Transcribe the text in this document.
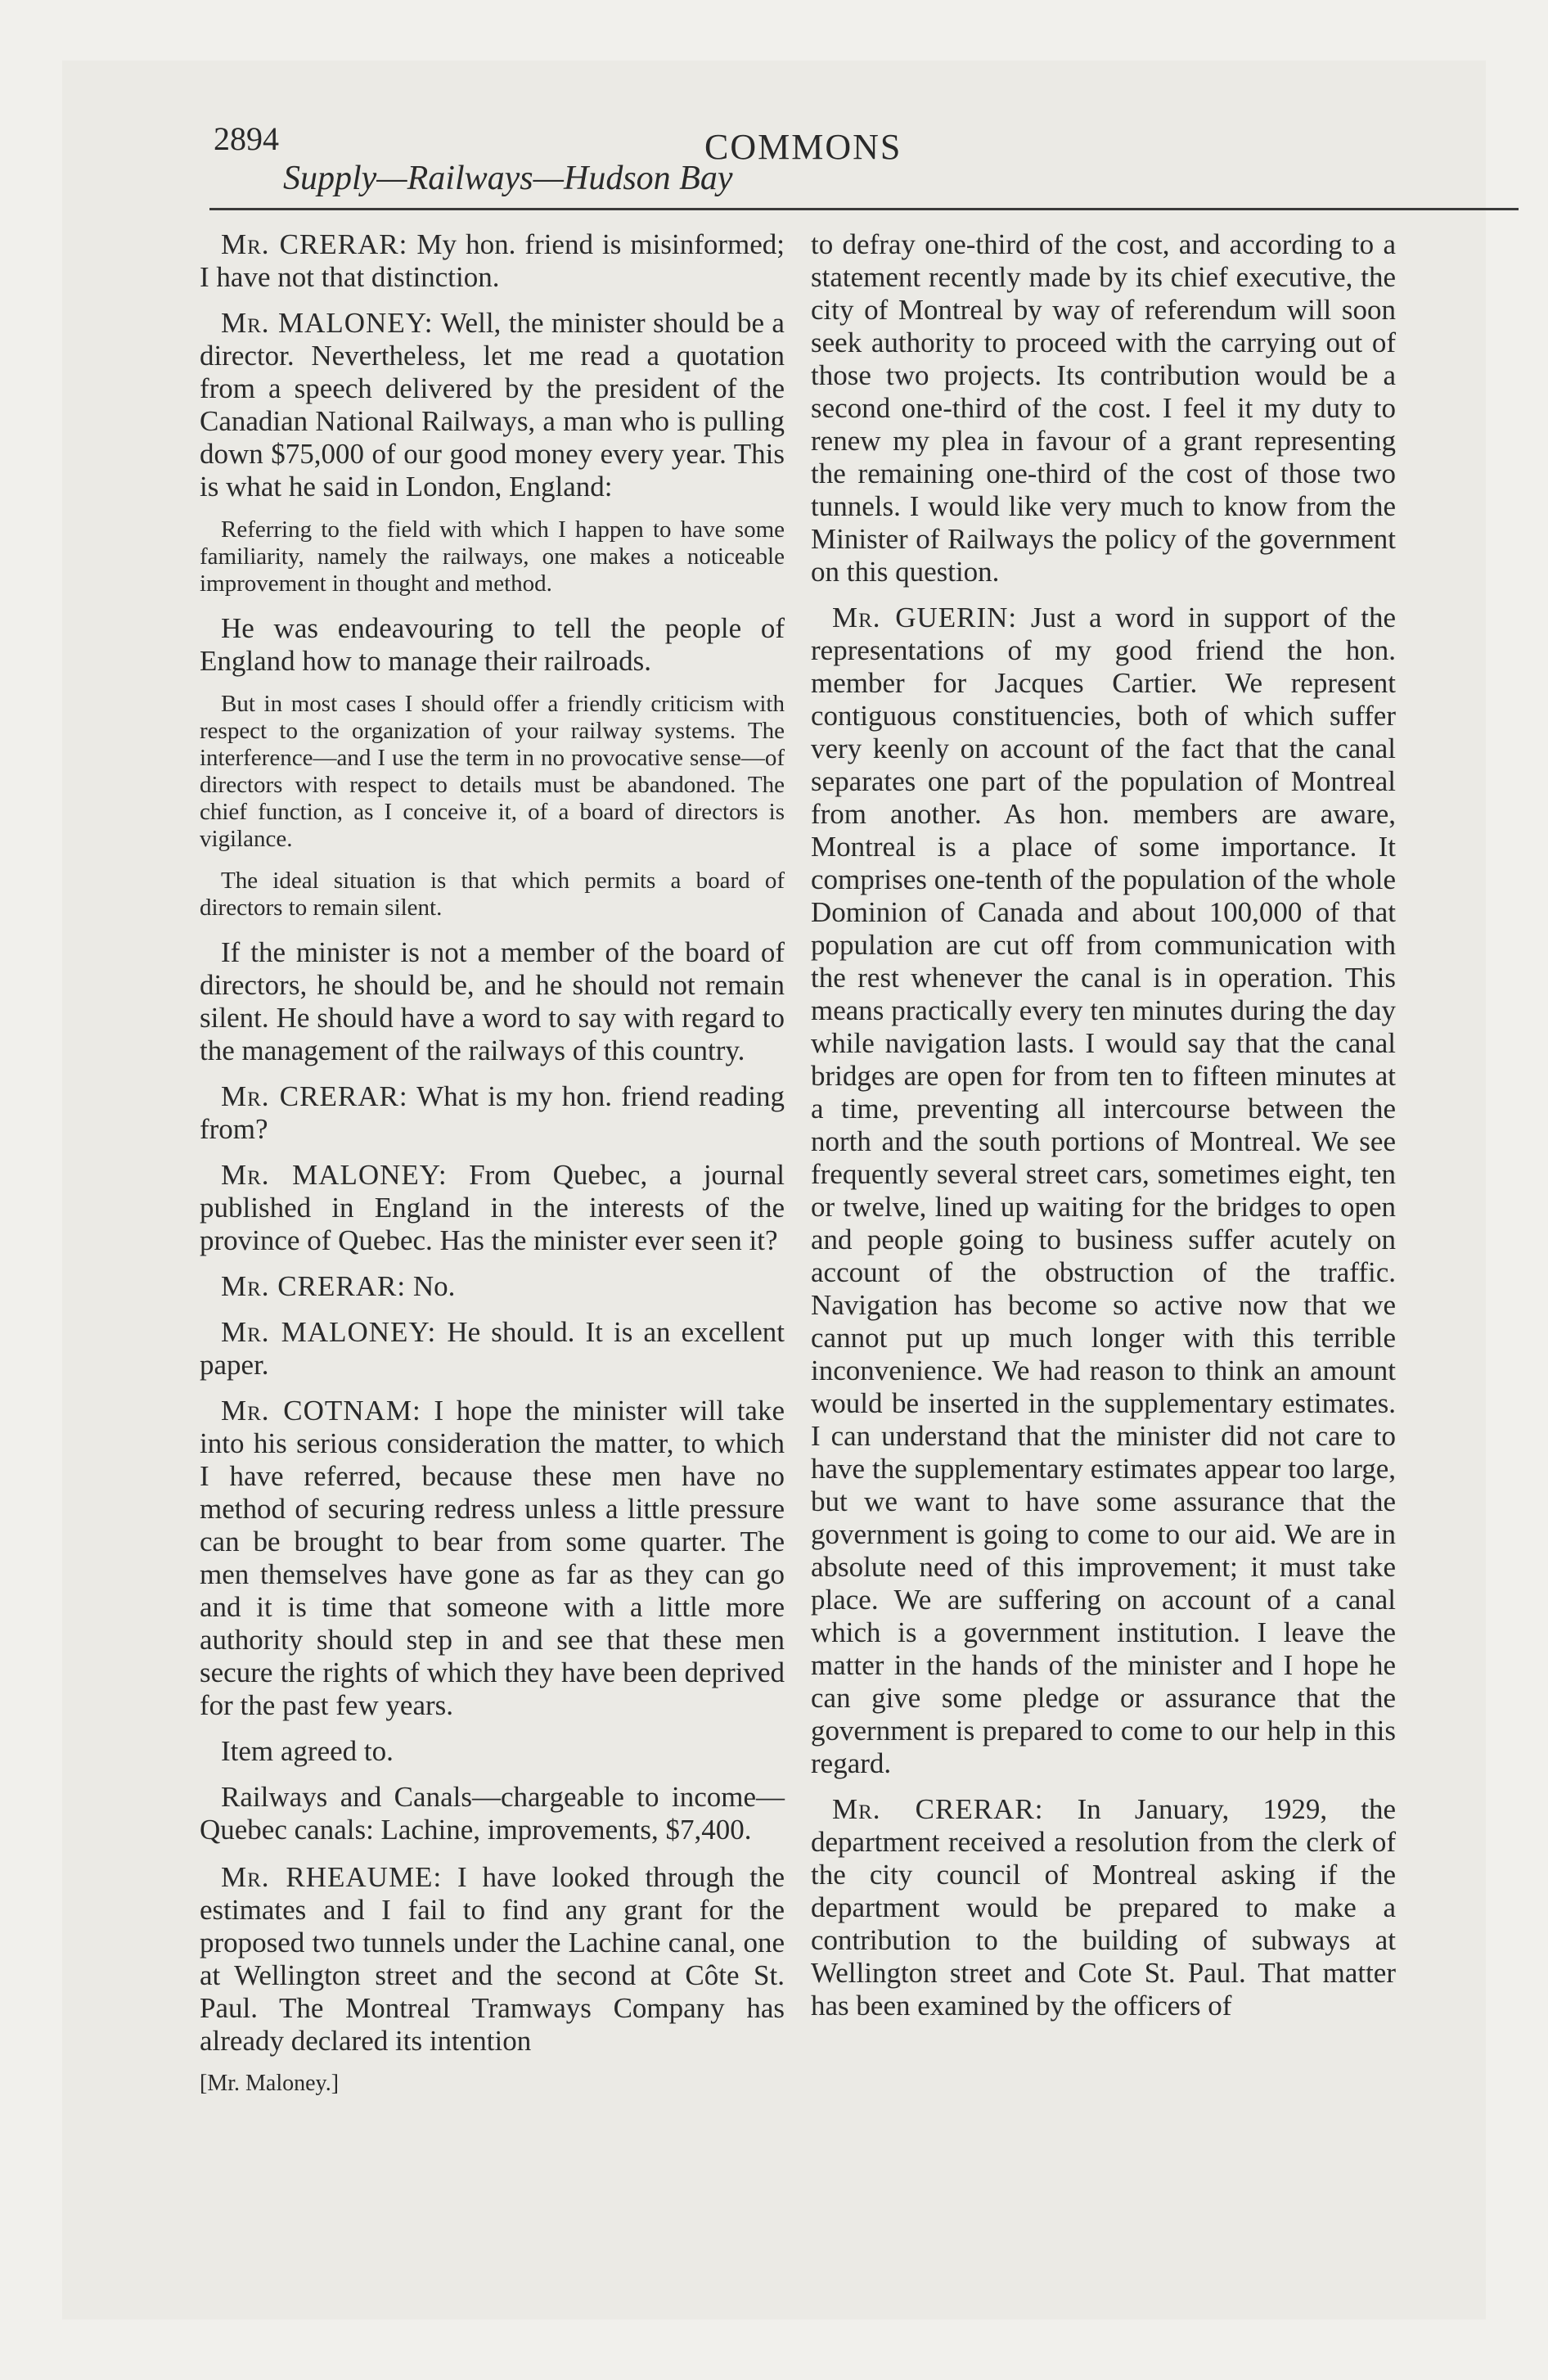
2894	COMMONS
Supply—Railways—Hudson Bay

Mr. CRERAR: My hon. friend is misinformed; I have not that distinction.

Mr. MALONEY: Well, the minister should be a director. Nevertheless, let me read a quotation from a speech delivered by the president of the Canadian National Railways, a man who is pulling down $75,000 of our good money every year. This is what he said in London, England:

Referring to the field with which I happen to have some familiarity, namely the railways, one makes a noticeable improvement in thought and method.

He was endeavouring to tell the people of England how to manage their railroads.

But in most cases I should offer a friendly criticism with respect to the organization of your railway systems. The interference—and I use the term in no provocative sense—of directors with respect to details must be abandoned. The chief function, as I conceive it, of a board of directors is vigilance.

The ideal situation is that which permits a board of directors to remain silent.

If the minister is not a member of the board of directors, he should be, and he should not remain silent. He should have a word to say with regard to the management of the railways of this country.

Mr. CRERAR: What is my hon. friend reading from?

Mr. MALONEY: From Quebec, a journal published in England in the interests of the province of Quebec. Has the minister ever seen it?

Mr. CRERAR: No.

Mr. MALONEY: He should. It is an excellent paper.

Mr. COTNAM: I hope the minister will take into his serious consideration the matter, to which I have referred, because these men have no method of securing redress unless a little pressure can be brought to bear from some quarter. The men themselves have gone as far as they can go and it is time that someone with a little more authority should step in and see that these men secure the rights of which they have been deprived for the past few years.

Item agreed to.

Railways and Canals—chargeable to income—Quebec canals: Lachine, improvements, $7,400.

Mr. RHEAUME: I have looked through the estimates and I fail to find any grant for the proposed two tunnels under the Lachine canal, one at Wellington street and the second at Côte St. Paul. The Montreal Tramways Company has already declared its intention

[Mr. Maloney.]

to defray one-third of the cost, and according to a statement recently made by its chief executive, the city of Montreal by way of referendum will soon seek authority to proceed with the carrying out of those two projects. Its contribution would be a second one-third of the cost. I feel it my duty to renew my plea in favour of a grant representing the remaining one-third of the cost of those two tunnels. I would like very much to know from the Minister of Railways the policy of the government on this question.

Mr. GUERIN: Just a word in support of the representations of my good friend the hon. member for Jacques Cartier. We represent contiguous constituencies, both of which suffer very keenly on account of the fact that the canal separates one part of the population of Montreal from another. As hon. members are aware, Montreal is a place of some importance. It comprises one-tenth of the population of the whole Dominion of Canada and about 100,000 of that population are cut off from communication with the rest whenever the canal is in operation. This means practically every ten minutes during the day while navigation lasts. I would say that the canal bridges are open for from ten to fifteen minutes at a time, preventing all intercourse between the north and the south portions of Montreal. We see frequently several street cars, sometimes eight, ten or twelve, lined up waiting for the bridges to open and people going to business suffer acutely on account of the obstruction of the traffic. Navigation has become so active now that we cannot put up much longer with this terrible inconvenience. We had reason to think an amount would be inserted in the supplementary estimates. I can understand that the minister did not care to have the supplementary estimates appear too large, but we want to have some assurance that the government is going to come to our aid. We are in absolute need of this improvement; it must take place. We are suffering on account of a canal which is a government institution. I leave the matter in the hands of the minister and I hope he can give some pledge or assurance that the government is prepared to come to our help in this regard.

Mr. CRERAR: In January, 1929, the department received a resolution from the clerk of the city council of Montreal asking if the department would be prepared to make a contribution to the building of subways at Wellington street and Cote St. Paul. That matter has been examined by the officers of
